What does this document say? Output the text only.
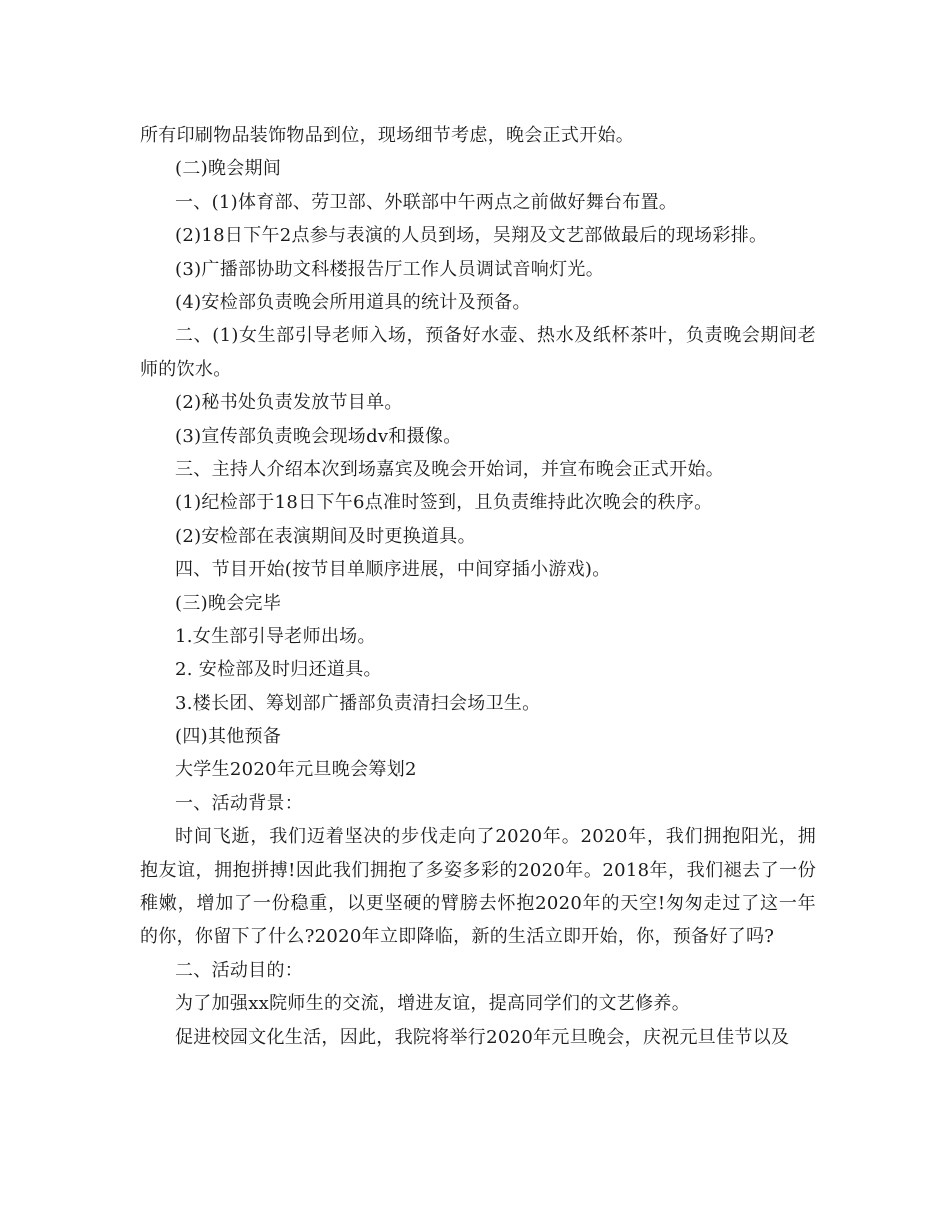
所有印刷物品装饰物品到位，现场细节考虑，晚会正式开始。
(二)晚会期间
一、(1)体育部、劳卫部、外联部中午两点之前做好舞台布置。
(2)18日下午2点参与表演的人员到场，吴翔及文艺部做最后的现场彩排。
(3)广播部协助文科楼报告厅工作人员调试音响灯光。
(4)安检部负责晚会所用道具的统计及预备。

二、(1)女生部引导老师入场，预备好水壶、热水及纸杯茶叶，负责晚会期间老师的饮水。

(2)秘书处负责发放节目单。
(3)宣传部负责晚会现场dv和摄像。
三、主持人介绍本次到场嘉宾及晚会开始词，并宣布晚会正式开始。
(1)纪检部于18日下午6点准时签到，且负责维持此次晚会的秩序。
(2)安检部在表演期间及时更换道具。
四、节目开始(按节目单顺序进展，中间穿插小游戏)。
(三)晚会完毕
1.女生部引导老师出场。
2. 安检部及时归还道具。
3.楼长团、筹划部广播部负责清扫会场卫生。
(四)其他预备
大学生2020年元旦晚会筹划2
一、活动背景：

时间飞逝，我们迈着坚决的步伐走向了2020年。2020年，我们拥抱阳光，拥抱友谊，拥抱拼搏!因此我们拥抱了多姿多彩的2020年。2018年，我们褪去了一份稚嫩，增加了一份稳重，以更坚硬的臂膀去怀抱2020年的天空!匆匆走过了这一年的你，你留下了什么?2020年立即降临，新的生活立即开始，你，预备好了吗?

二、活动目的：
为了加强xx院师生的交流，增进友谊，提高同学们的文艺修养。
促进校园文化生活，因此，我院将举行2020年元旦晚会，庆祝元旦佳节以及
